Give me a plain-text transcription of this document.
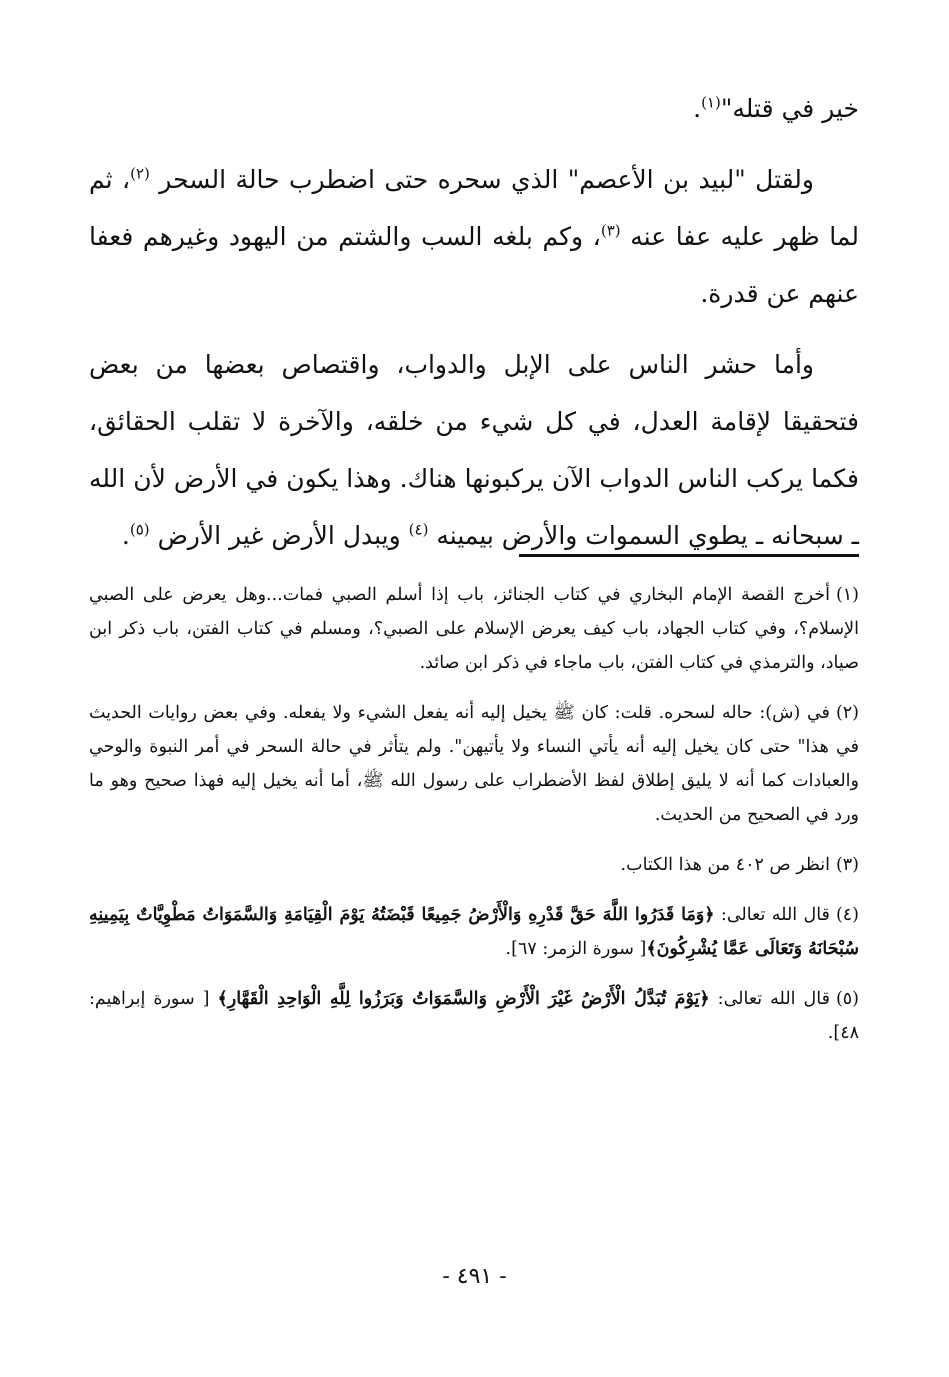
خير في قتله"$^{(١)}$.

ولقتل "لبيد بن الأعصم" الذي سحره حتى اضطرب حالة السحر $^{(٢)}$، ثم لما ظهر عليه عفا عنه $^{(٣)}$، وكم بلغه السب والشتم من اليهود وغيرهم فعفا عنهم عن قدرة.

وأما حشر الناس على الإبل والدواب، واقتصاص بعضها من بعض فتحقيقا لإقامة العدل، في كل شيء من خلقه، والآخرة لا تقلب الحقائق، فكما يركب الناس الدواب الآن يركبونها هناك. وهذا يكون في الأرض لأن الله ـ سبحانه ـ يطوي السموات والأرض بيمينه $^{(٤)}$ ويبدل الأرض غير الأرض $^{(٥)}$.

(١)أخرج القصة الإمام البخاري في كتاب الجنائز، باب إذا أسلم الصبي فمات...وهل يعرض على الصبي الإسلام؟، وفي كتاب الجهاد، باب كيف يعرض الإسلام على الصبي؟، ومسلم في كتاب الفتن، باب ذكر ابن صياد، والترمذي في كتاب الفتن، باب ماجاء في ذكر ابن صائد.
(٢)في (ش): حاله لسحره. قلت: كان ﷺ يخيل إليه أنه يفعل الشيء ولا يفعله. وفي بعض روايات الحديث في هذا" حتى كان يخيل إليه أنه يأتي النساء ولا يأتيهن". ولم يتأثر في حالة السحر في أمر النبوة والوحي والعبادات كما أنه لا يليق إطلاق لفظ الأضطراب على رسول الله ﷺ، أما أنه يخيل إليه فهذا صحيح وهو ما ورد في الصحيح من الحديث.
(٣)انظر ص ٤٠٢ من هذا الكتاب.
(٤)قال الله تعالى: ﴿وَمَا قَدَرُوا اللَّهَ حَقَّ قَدْرِهِ وَالْأَرْضُ جَمِيعًا قَبْضَتُهُ يَوْمَ الْقِيَامَةِ وَالسَّمَوَاتُ مَطْوِيَّاتٌ بِيَمِينِهِ سُبْحَانَهُ وَتَعَالَى عَمَّا يُشْرِكُونَ﴾[ سورة الزمر: ٦٧].
(٥)قال الله تعالى: ﴿يَوْمَ تُبَدَّلُ الْأَرْضُ غَيْرَ الْأَرْضِ وَالسَّمَوَاتُ وَبَرَزُوا لِلَّهِ الْوَاحِدِ الْقَهَّارِ﴾ [ سورة إبراهيم: ٤٨].
- ٤٩١ -
